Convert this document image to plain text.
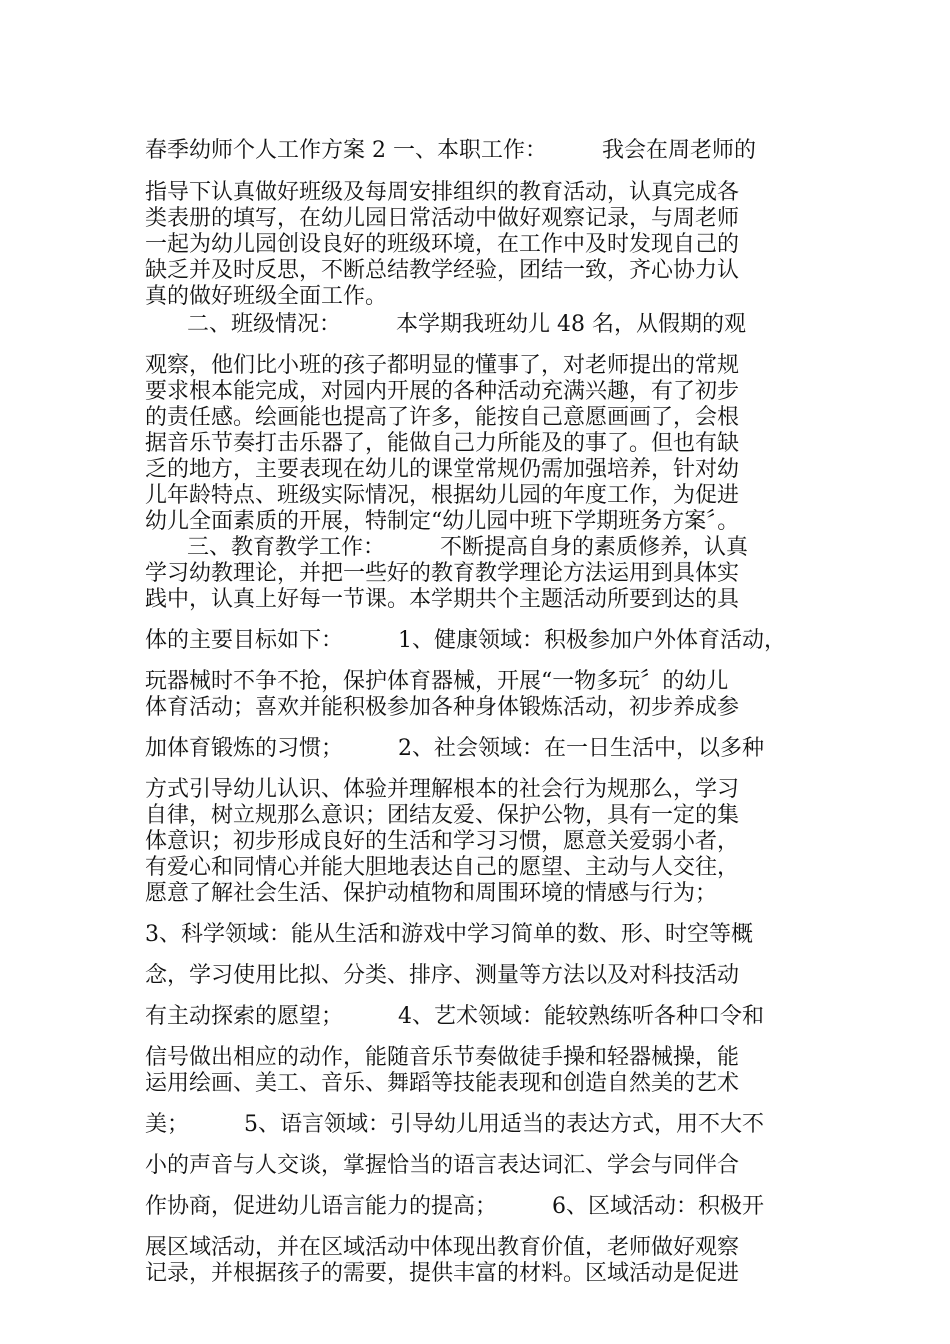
春季幼师个人工作方案 2 一、本职工作：　　　我会在周老师的
指导下认真做好班级及每周安排组织的教育活动，认真完成各
类表册的填写，在幼儿园日常活动中做好观察记录，与周老师
一起为幼儿园创设良好的班级环境，在工作中及时发现自己的
缺乏并及时反思，不断总结教学经验，团结一致，齐心协力认
真的做好班级全面工作。
二、班级情况：　　　本学期我班幼儿 48 名，从假期的观
观察，他们比小班的孩子都明显的懂事了，对老师提出的常规
要求根本能完成，对园内开展的各种活动充满兴趣，有了初步
的责任感。绘画能也提高了许多，能按自己意愿画画了，会根
据音乐节奏打击乐器了，能做自己力所能及的事了。但也有缺
乏的地方，主要表现在幼儿的课堂常规仍需加强培养，针对幼
儿年龄特点、班级实际情况，根据幼儿园的年度工作，为促进
幼儿全面素质的开展，特制定“幼儿园中班下学期班务方案〞。
三、教育教学工作：　　　不断提高自身的素质修养，认真
学习幼教理论，并把一些好的教育教学理论方法运用到具体实
践中，认真上好每一节课。本学期共个主题活动所要到达的具
体的主要目标如下：　　　1、健康领域：积极参加户外体育活动，
玩器械时不争不抢，保护体育器械，开展“一物多玩〞的幼儿
体育活动；喜欢并能积极参加各种身体锻炼活动，初步养成参
加体育锻炼的习惯；　　　2、社会领域：在一日生活中，以多种
方式引导幼儿认识、体验并理解根本的社会行为规那么，学习
自律，树立规那么意识；团结友爱、保护公物，具有一定的集
体意识；初步形成良好的生活和学习习惯，愿意关爱弱小者，
有爱心和同情心并能大胆地表达自己的愿望、主动与人交往，
愿意了解社会生活、保护动植物和周围环境的情感与行为；
3、科学领域：能从生活和游戏中学习简单的数、形、时空等概
念，学习使用比拟、分类、排序、测量等方法以及对科技活动
有主动探索的愿望；　　　4、艺术领域：能较熟练听各种口令和
信号做出相应的动作，能随音乐节奏做徒手操和轻器械操，能
运用绘画、美工、音乐、舞蹈等技能表现和创造自然美的艺术
美；　　　5、语言领域：引导幼儿用适当的表达方式，用不大不
小的声音与人交谈，掌握恰当的语言表达词汇、学会与同伴合
作协商，促进幼儿语言能力的提高；　　　6、区域活动：积极开
展区域活动，并在区域活动中体现出教育价值，老师做好观察
记录，并根据孩子的需要，提供丰富的材料。区域活动是促进
